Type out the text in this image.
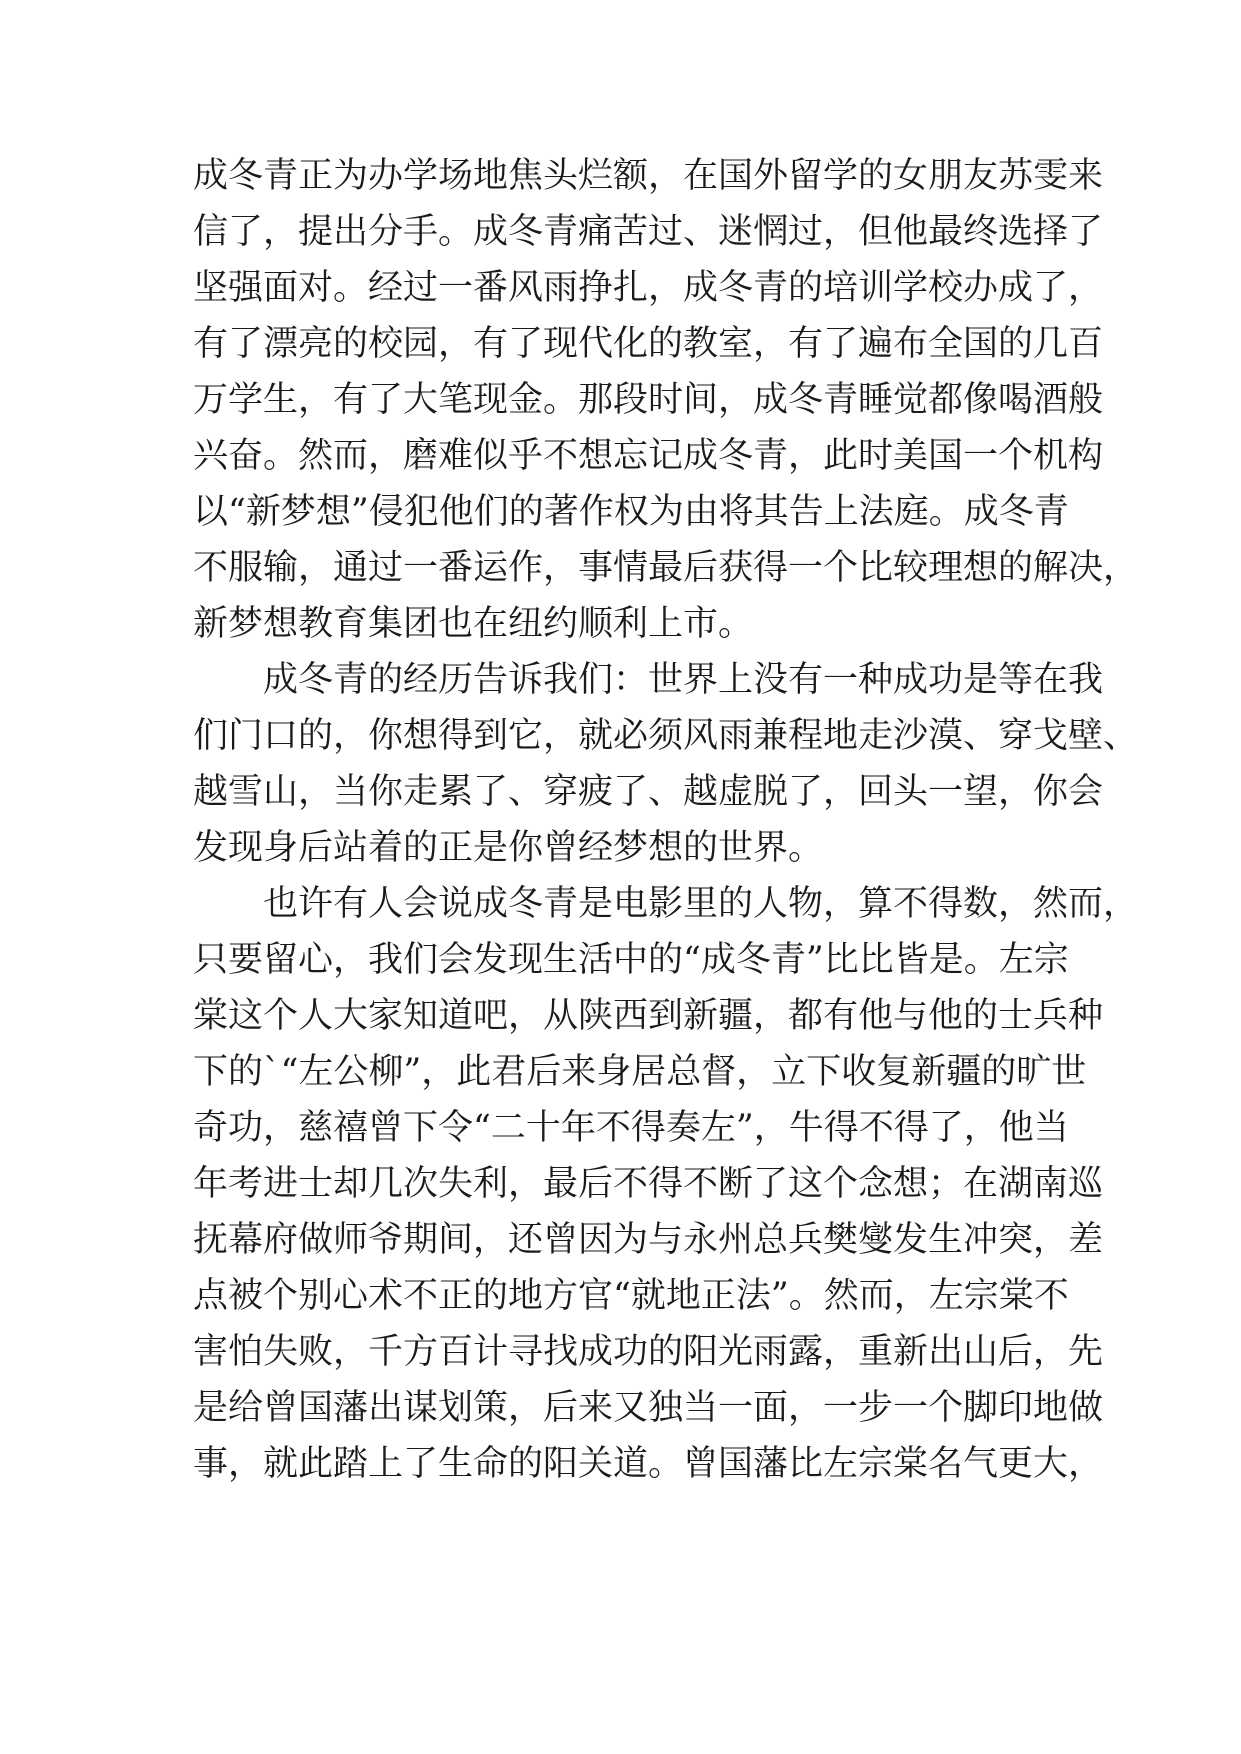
成冬青正为办学场地焦头烂额，在国外留学的女朋友苏雯来
信了，提出分手。成冬青痛苦过、迷惘过，但他最终选择了
坚强面对。经过一番风雨挣扎，成冬青的培训学校办成了，
有了漂亮的校园，有了现代化的教室，有了遍布全国的几百
万学生，有了大笔现金。那段时间，成冬青睡觉都像喝酒般
兴奋。然而，磨难似乎不想忘记成冬青，此时美国一个机构
以“新梦想”侵犯他们的著作权为由将其告上法庭。成冬青
不服输，通过一番运作，事情最后获得一个比较理想的解决，
新梦想教育集团也在纽约顺利上市。
成冬青的经历告诉我们：世界上没有一种成功是等在我
们门口的，你想得到它，就必须风雨兼程地走沙漠、穿戈壁、
越雪山，当你走累了、穿疲了、越虚脱了，回头一望，你会
发现身后站着的正是你曾经梦想的世界。
也许有人会说成冬青是电影里的人物，算不得数，然而，
只要留心，我们会发现生活中的“成冬青”比比皆是。左宗
棠这个人大家知道吧，从陕西到新疆，都有他与他的士兵种
下的`“左公柳”，此君后来身居总督，立下收复新疆的旷世
奇功，慈禧曾下令“二十年不得奏左”，牛得不得了，他当
年考进士却几次失利，最后不得不断了这个念想；在湖南巡
抚幕府做师爷期间，还曾因为与永州总兵樊燮发生冲突，差
点被个别心术不正的地方官“就地正法”。然而，左宗棠不
害怕失败，千方百计寻找成功的阳光雨露，重新出山后，先
是给曾国藩出谋划策，后来又独当一面，一步一个脚印地做
事，就此踏上了生命的阳关道。曾国藩比左宗棠名气更大，
